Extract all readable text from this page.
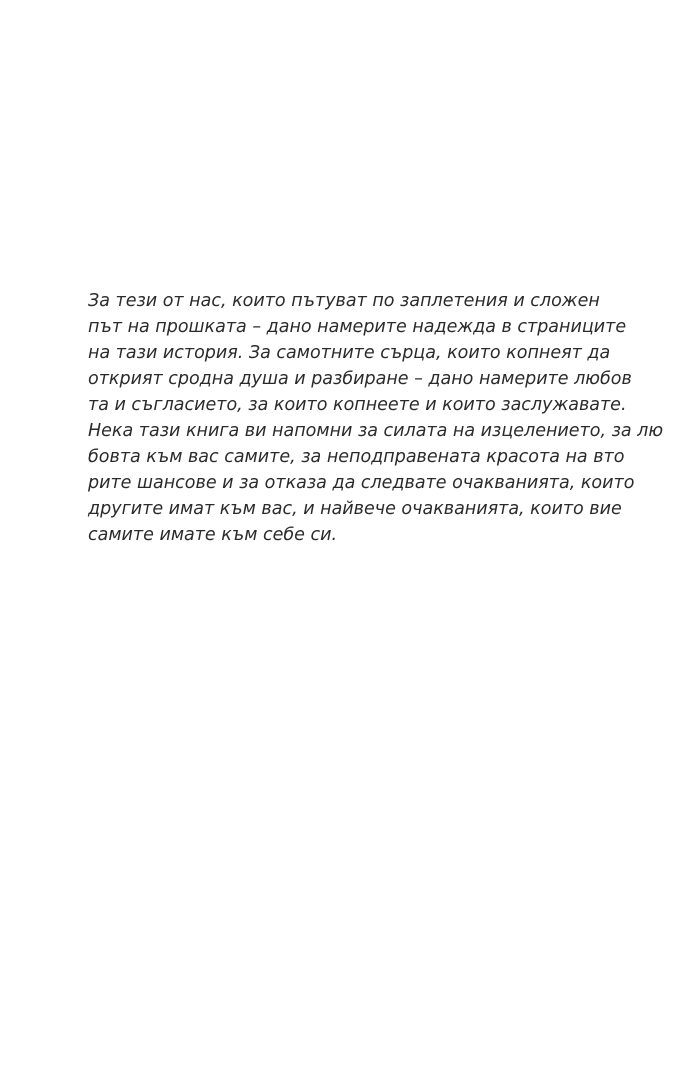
За тези от нас, които пътуват по заплетения и сложен
път на прошката – дано намерите надежда в страниците
на тази история. За самотните сърца, които копнеят да
открият сродна душа и разбиране – дано намерите любов
та и съгласието, за които копнеете и които заслужавате.
Нека тази книга ви напомни за силата на изцелението, за лю
бовта към вас самите, за неподправената красота на вто
рите шансове и за отказа да следвате очакванията, които
другите имат към вас, и найвече очакванията, които вие
самите имате към себе си.
